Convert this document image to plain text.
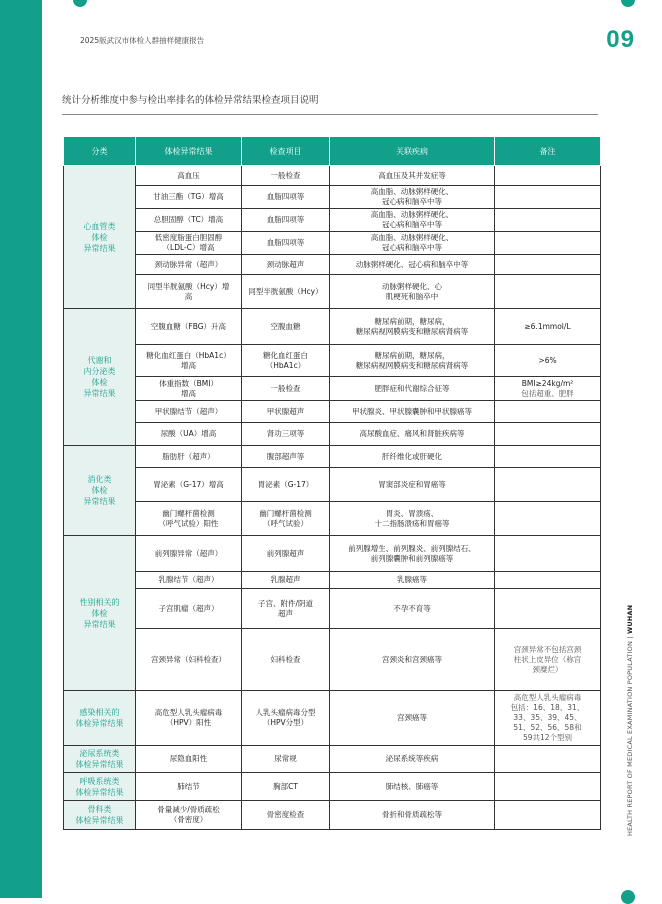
2025版武汉市体检人群抽样健康报告	09
统计分析维度中参与检出率排名的体检异常结果检查项目说明
HEALTH REPORT OF MEDICAL EXAMINATION POPULATION | WUHAN
分类	体检异常结果	检查项目	关联疾病	备注
心血管类
体检
异常结果	高血压	一般检查	高血压及其并发症等	
	甘油三酯（TG）增高	血脂四项等	高血脂、动脉粥样硬化、
冠心病和脑卒中等	
	总胆固醇（TC）增高	血脂四项等	高血脂、动脉粥样硬化、
冠心病和脑卒中等	
	低密度脂蛋白胆固醇
（LDL-C）增高	血脂四项等	高血脂、动脉粥样硬化、
冠心病和脑卒中等	
	颈动脉异常（超声）	颈动脉超声	动脉粥样硬化、冠心病和脑卒中等	
	同型半胱氨酸（Hcy）增
高	同型半胱氨酸（Hcy）	动脉粥样硬化、心
肌梗死和脑卒中	
代谢和
内分泌类
体检
异常结果	空腹血糖（FBG）升高	空腹血糖	糖尿病前期，糖尿病，
糖尿病视网膜病变和糖尿病肾病等	≥6.1mmol/L
	糖化血红蛋白（HbA1c）
增高	糖化血红蛋白
（HbA1c）	糖尿病前期，糖尿病，
糖尿病视网膜病变和糖尿病肾病等	>6%
	体重指数（BMI）
增高	一般检查	肥胖症和代谢综合征等	BMI≥24kg/m²
包括超重、肥胖
	甲状腺结节（超声）	甲状腺超声	甲状腺炎、甲状腺囊肿和甲状腺癌等	
	尿酸（UA）增高	肾功三项等	高尿酸血症、痛风和肾脏疾病等	
消化类
体检
异常结果	脂肪肝（超声）	腹部超声等	肝纤维化或肝硬化	
	胃泌素（G-17）增高	胃泌素（G-17）	胃窦部炎症和胃癌等	
	幽门螺杆菌检测
（呼气试验）阳性	幽门螺杆菌检测
（呼气试验）	胃炎、胃溃疡、
十二指肠溃疡和胃癌等	
性别相关的
体检
异常结果	前列腺异常（超声）	前列腺超声	前列腺增生、前列腺炎、前列腺结石、
前列腺囊肿和前列腺癌等	
	乳腺结节（超声）	乳腺超声	乳腺癌等	
	子宫肌瘤（超声）	子宫、附件/阴道
超声	不孕不育等	
	宫颈异常（妇科检查）	妇科检查	宫颈炎和宫颈癌等	宫颈异常不包括宫颈
柱状上皮异位（称宫
颈糜烂）
感染相关的
体检异常结果	高危型人乳头瘤病毒
（HPV）阳性	人乳头瘤病毒分型
（HPV分型）	宫颈癌等	高危型人乳头瘤病毒
包括：16、18、31、
33、35、39、45、
51、52、56、58和
59共12个型别
泌尿系统类
体检异常结果	尿隐血阳性	尿常规	泌尿系统等疾病	
呼吸系统类
体检异常结果	肺结节	胸部CT	肺结核、肺癌等	
骨科类
体检异常结果	骨量减少/骨质疏松
（骨密度）	骨密度检查	骨折和骨质疏松等	
